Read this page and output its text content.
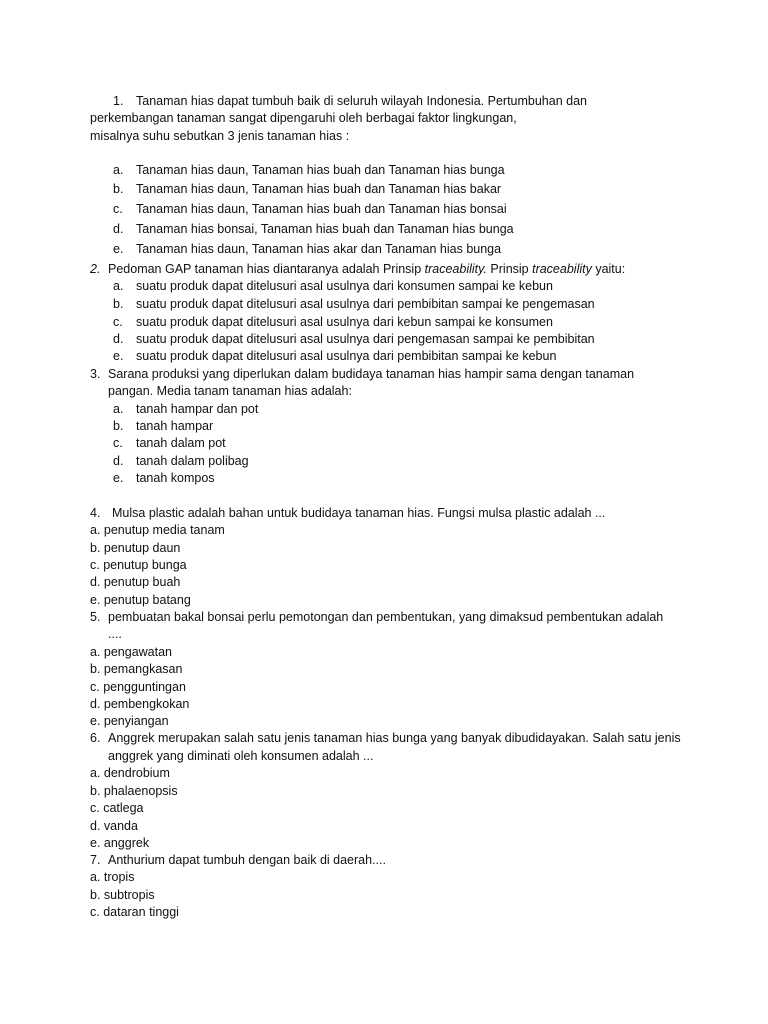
1. Tanaman hias dapat tumbuh baik di seluruh wilayah Indonesia. Pertumbuhan dan
perkembangan tanaman sangat dipengaruhi oleh berbagai faktor lingkungan,
misalnya suhu sebutkan 3 jenis tanaman hias :
a. Tanaman hias daun, Tanaman hias buah dan Tanaman hias bunga
b. Tanaman hias daun, Tanaman hias buah dan Tanaman hias bakar
c. Tanaman hias daun, Tanaman hias buah dan Tanaman hias bonsai
d. Tanaman hias bonsai, Tanaman hias buah dan Tanaman hias bunga
e. Tanaman hias daun, Tanaman hias akar dan Tanaman hias bunga
2. Pedoman GAP tanaman hias diantaranya adalah Prinsip traceability. Prinsip traceability yaitu:
a. suatu produk dapat ditelusuri asal usulnya dari konsumen sampai ke kebun
b. suatu produk dapat ditelusuri asal usulnya dari pembibitan sampai ke pengemasan
c. suatu produk dapat ditelusuri asal usulnya dari kebun sampai ke konsumen
d. suatu produk dapat ditelusuri asal usulnya dari pengemasan sampai ke pembibitan
e. suatu produk dapat ditelusuri asal usulnya dari pembibitan sampai ke kebun
3. Sarana produksi yang diperlukan dalam budidaya tanaman hias hampir sama dengan tanaman
pangan. Media tanam tanaman hias adalah:
a. tanah hampar dan pot
b. tanah hampar
c. tanah dalam pot
d. tanah dalam polibag
e. tanah kompos
4. Mulsa plastic adalah bahan untuk budidaya tanaman hias. Fungsi mulsa plastic adalah ...
a. penutup media tanam
b. penutup daun
c. penutup bunga
d. penutup buah
e. penutup batang
5. pembuatan bakal bonsai perlu pemotongan dan pembentukan, yang dimaksud pembentukan adalah
....
a. pengawatan
b. pemangkasan
c. pengguntingan
d. pembengkokan
e. penyiangan
6. Anggrek merupakan salah satu jenis tanaman hias bunga yang banyak dibudidayakan. Salah satu jenis
anggrek yang diminati oleh konsumen adalah ...
a. dendrobium
b. phalaenopsis
c. catlega
d. vanda
e. anggrek
7. Anthurium dapat tumbuh dengan baik di daerah....
a. tropis
b. subtropis
c. dataran tinggi
